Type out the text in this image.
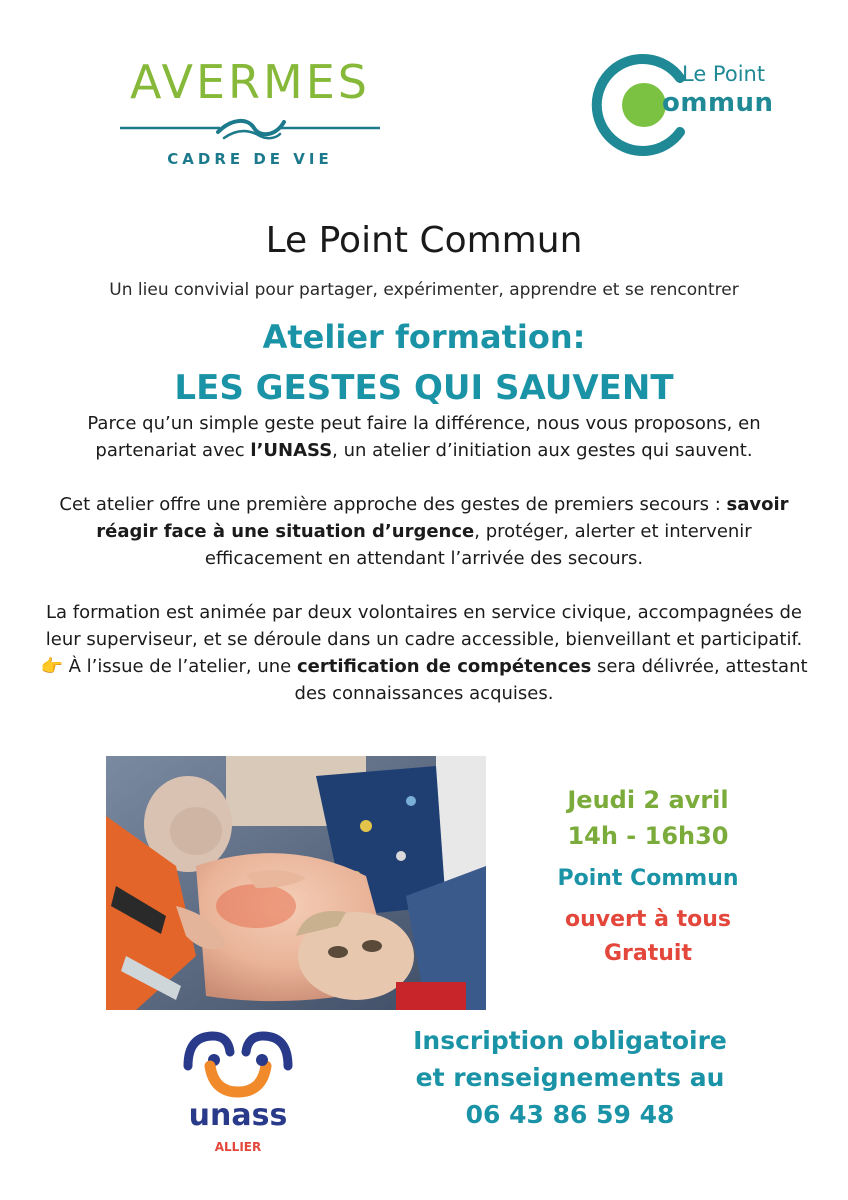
AVERMES
CADRE DE VIE
Le Point
ommun
Le Point Commun
Un lieu convivial pour partager, expérimenter, apprendre et se rencontrer
Atelier formation:
LES GESTES QUI SAUVENT

Parce qu’un simple geste peut faire la différence, nous vous proposons, en partenariat avec l’UNASS, un atelier d’initiation aux gestes qui sauvent.

Cet atelier offre une première approche des gestes de premiers secours : savoir réagir face à une situation d’urgence, protéger, alerter et intervenir efficacement en attendant l’arrivée des secours.

La formation est animée par deux volontaires en service civique, accompagnées de leur superviseur, et se déroule dans un cadre accessible, bienveillant et participatif.
👉 À l’issue de l’atelier, une certification de compétences sera délivrée, attestant des connaissances acquises.

Jeudi 2 avril
14h - 16h30
Point Commun
ouvert à tous
Gratuit
unass
ALLIER
Inscription obligatoire
et renseignements au
06 43 86 59 48
